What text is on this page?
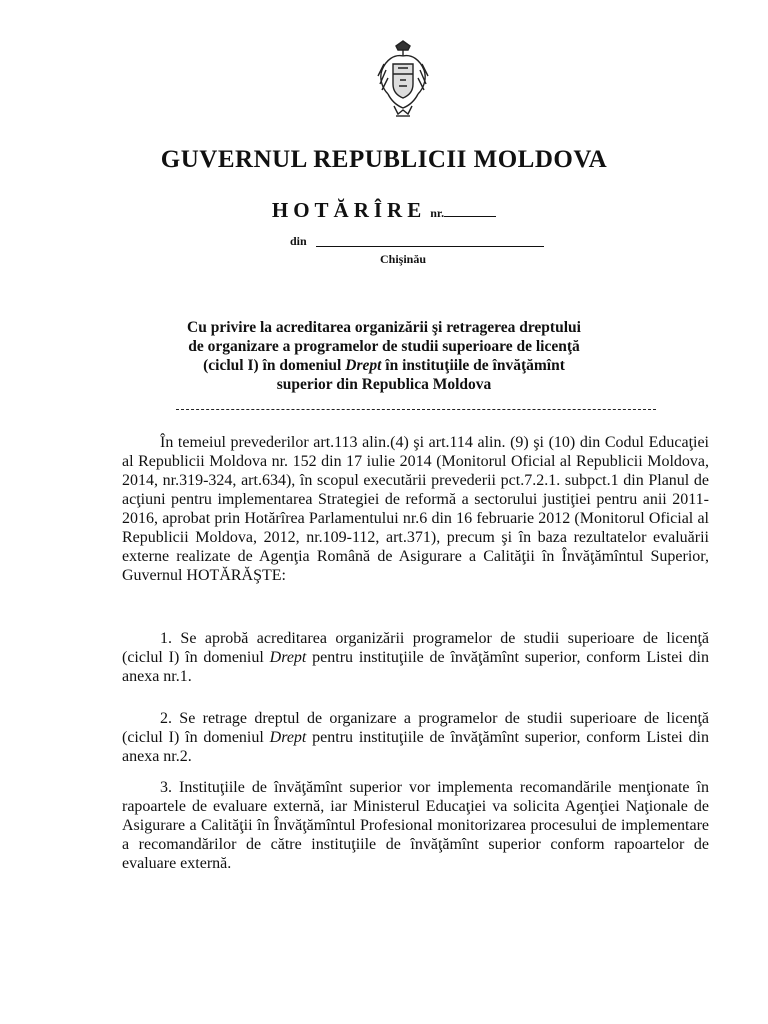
GUVERNUL REPUBLICII MOLDOVA
HOTĂRÎRE nr.
din
Chişinău
Cu privire la acreditarea organizării şi retragerea dreptului
de organizare a programelor de studii superioare de licenţă
(ciclul I) în domeniul Drept în instituţiile de învăţămînt
superior din Republica Moldova

În temeiul prevederilor art.113 alin.(4) şi art.114 alin. (9) şi (10) din Codul Educaţiei al Republicii Moldova nr. 152 din 17 iulie 2014 (Monitorul Oficial al Republicii Moldova, 2014, nr.319-324, art.634), în scopul executării prevederii pct.7.2.1. subpct.1 din Planul de acţiuni pentru implementarea Strategiei de reformă a sectorului justiţiei pentru anii 2011-2016, aprobat prin Hotărîrea Parlamentului nr.6 din 16 februarie 2012 (Monitorul Oficial al Republicii Moldova, 2012, nr.109-112, art.371), precum şi în baza rezultatelor evaluării externe realizate de Agenţia Română de Asigurare a Calităţii în Învăţămîntul Superior, Guvernul HOTĂRĂŞTE:

1. Se aprobă acreditarea organizării programelor de studii superioare de licenţă (ciclul I) în domeniul Drept pentru instituţiile de învăţămînt superior, conform Listei din anexa nr.1.

2. Se retrage dreptul de organizare a programelor de studii superioare de licenţă (ciclul I) în domeniul Drept pentru instituţiile de învăţămînt superior, conform Listei din anexa nr.2.

3. Instituţiile de învăţămînt superior vor implementa recomandările menţionate în rapoartele de evaluare externă, iar Ministerul Educaţiei va solicita Agenţiei Naţionale de Asigurare a Calităţii în Învăţămîntul Profesional monitorizarea procesului de implementare a recomandărilor de către instituţiile de învăţămînt superior conform rapoartelor de evaluare externă.
